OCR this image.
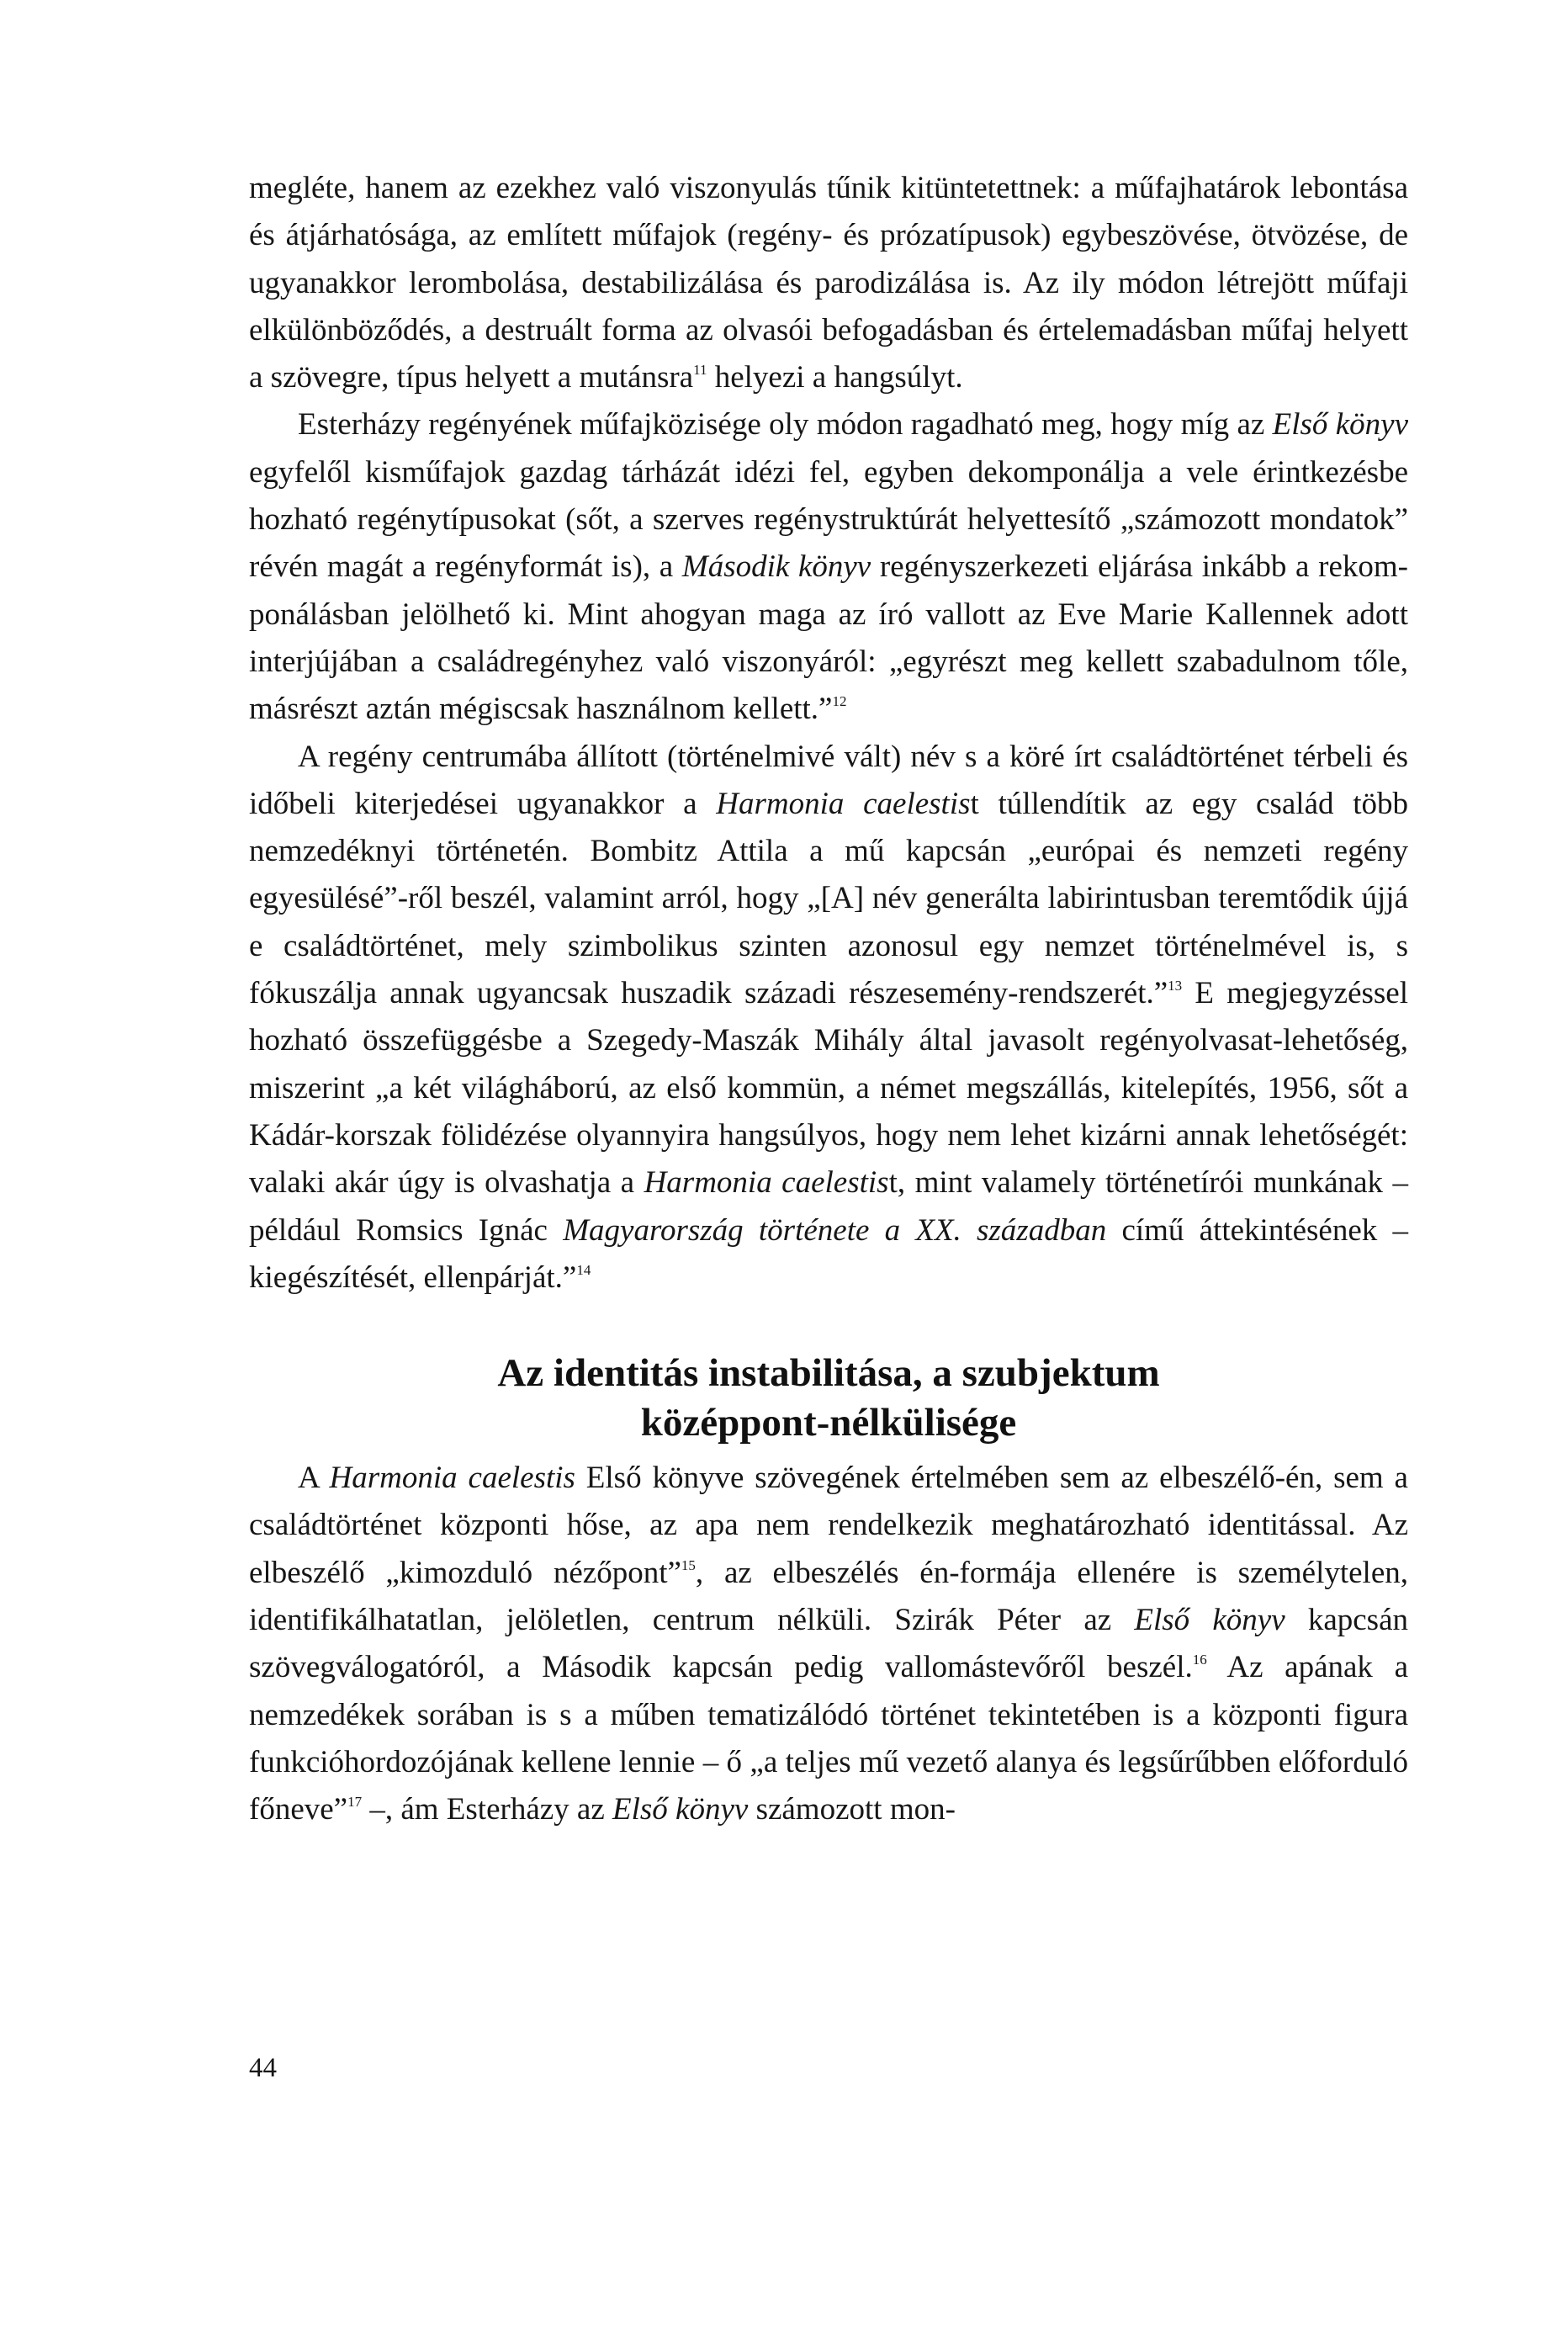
megléte, hanem az ezekhez való viszonyulás tűnik kitüntetettnek: a műfajhatárok lebontása és átjárhatósága, az említett műfajok (regény- és prózatípusok) egybeszövése, ötvözése, de ugyanakkor lerombolása, destabilizálása és parodizálása is. Az ily módon létrejött műfaji elkülönböződés, a destruált forma az olvasói befogadásban és értelemadásban műfaj helyett a szövegre, típus helyett a mutánsra$^{11}$ helyezi a hangsúlyt.

Esterházy regényének műfajközisége oly módon ragadható meg, hogy míg az Első könyv egyfelől kisműfajok gazdag tárházát idézi fel, egyben dekomponálja a vele érintkezésbe hozható regénytípusokat (sőt, a szerves regénystruktúrát helyettesítő „számozott mondatok” révén magát a regényformát is), a Második könyv regényszerkezeti eljárása inkább a rekomponálásban jelölhető ki. Mint ahogyan maga az író vallott az Eve Marie Kallennek adott interjújában a családregényhez való viszonyáról: „egyrészt meg kellett szabadulnom tőle, másrészt aztán mégiscsak használnom kellett.”$^{12}$

A regény centrumába állított (történelmivé vált) név s a köré írt családtörténet térbeli és időbeli kiterjedései ugyanakkor a Harmonia caelestist túllendítik az egy család több nemzedéknyi történetén. Bombitz Attila a mű kapcsán „európai és nemzeti regény egyesülésé”-ről beszél, valamint arról, hogy „[A] név generálta labirintusban teremtődik újjá e családtörténet, mely szimbolikus szinten azonosul egy nemzet történelmével is, s fókuszálja annak ugyancsak huszadik századi részesemény-rendszerét.”$^{13}$ E megjegyzéssel hozható összefüggésbe a Szegedy-Maszák Mihály által javasolt regényolvasat-lehetőség, miszerint „a két világháború, az első kommün, a német megszállás, kitelepítés, 1956, sőt a Kádár-korszak fölidézése olyannyira hangsúlyos, hogy nem lehet kizárni annak lehetőségét: valaki akár úgy is olvashatja a Harmonia caelestist, mint valamely történetírói munkának – például Romsics Ignác Magyarország története a XX. században című áttekintésének – kiegészítését, ellenpárját.”$^{14}$

Az identitás instabilitása, a szubjektum
középpont-nélkülisége

A Harmonia caelestis Első könyve szövegének értelmében sem az elbeszélő-én, sem a családtörténet központi hőse, az apa nem rendelkezik meghatározható identitással. Az elbeszélő „kimozduló nézőpont”$^{15}$, az elbeszélés én-formája ellenére is személytelen, identifikálhatatlan, jelöletlen, centrum nélküli. Szirák Péter az Első könyv kapcsán szövegválogatóról, a Második kapcsán pedig vallomástevőről beszél.$^{16}$ Az apának a nemzedékek sorában is s a műben tematizálódó történet tekintetében is a központi figura funkcióhordozójának kellene lennie – ő „a teljes mű vezető alanya és legsűrűbben előforduló főneve”$^{17}$ –, ám Esterházy az Első könyv számozott mon-

44
